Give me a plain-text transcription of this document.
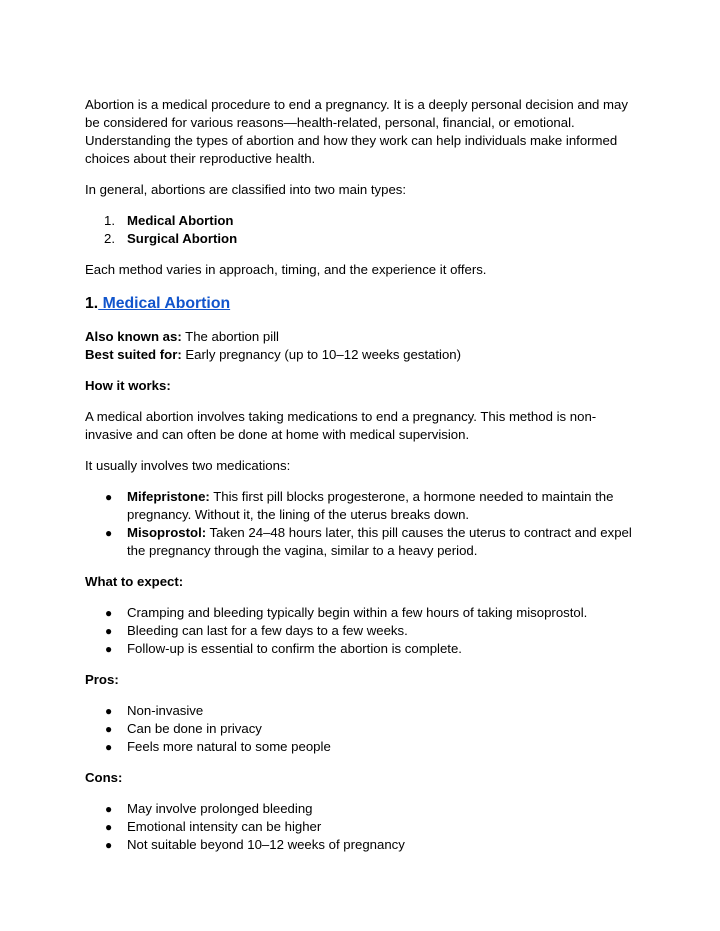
Abortion is a medical procedure to end a pregnancy. It is a deeply personal decision and may be considered for various reasons—health-related, personal, financial, or emotional. Understanding the types of abortion and how they work can help individuals make informed choices about their reproductive health.

In general, abortions are classified into two main types:

1. Medical Abortion
2. Surgical Abortion

Each method varies in approach, timing, and the experience it offers.

1. Medical Abortion

Also known as: The abortion pill

Best suited for: Early pregnancy (up to 10–12 weeks gestation)

How it works:

A medical abortion involves taking medications to end a pregnancy. This method is non-invasive and can often be done at home with medical supervision.

It usually involves two medications:

● Mifepristone: This first pill blocks progesterone, a hormone needed to maintain the pregnancy. Without it, the lining of the uterus breaks down.
● Misoprostol: Taken 24–48 hours later, this pill causes the uterus to contract and expel the pregnancy through the vagina, similar to a heavy period.

What to expect:

● Cramping and bleeding typically begin within a few hours of taking misoprostol.
● Bleeding can last for a few days to a few weeks.
● Follow-up is essential to confirm the abortion is complete.

Pros:

● Non-invasive
● Can be done in privacy
● Feels more natural to some people

Cons:

● May involve prolonged bleeding
● Emotional intensity can be higher
● Not suitable beyond 10–12 weeks of pregnancy
